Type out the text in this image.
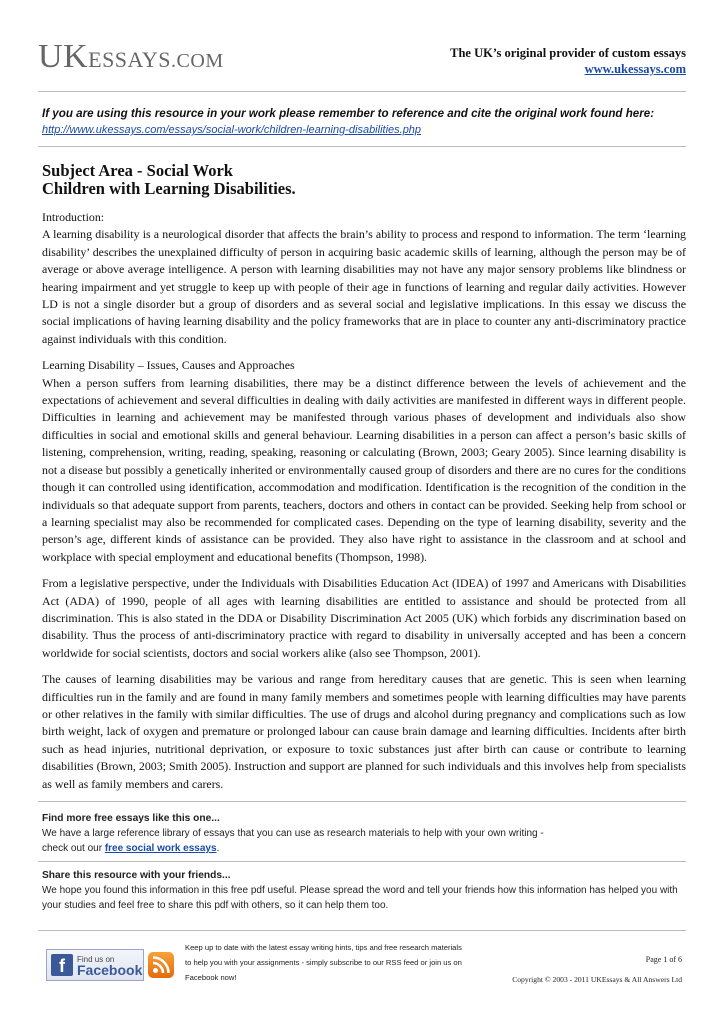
UKESSAYS.COM	The UK’s original provider of custom essays
www.ukessays.com
If you are using this resource in your work please remember to reference and cite the original work found here:
http://www.ukessays.com/essays/social-work/children-learning-disabilities.php
Subject Area - Social Work
Children with Learning Disabilities.

Introduction:
A learning disability is a neurological disorder that affects the brain’s ability to process and respond to information. The term ‘learning disability’ describes the unexplained difficulty of person in acquiring basic academic skills of learning, although the person may be of average or above average intelligence. A person with learning disabilities may not have any major sensory problems like blindness or hearing impairment and yet struggle to keep up with people of their age in functions of learning and regular daily activities. However LD is not a single disorder but a group of disorders and as several social and legislative implications. In this essay we discuss the social implications of having learning disability and the policy frameworks that are in place to counter any anti-discriminatory practice against individuals with this condition.

Learning Disability – Issues, Causes and Approaches
When a person suffers from learning disabilities, there may be a distinct difference between the levels of achievement and the expectations of achievement and several difficulties in dealing with daily activities are manifested in different ways in different people. Difficulties in learning and achievement may be manifested through various phases of development and individuals also show difficulties in social and emotional skills and general behaviour. Learning disabilities in a person can affect a person’s basic skills of listening, comprehension, writing, reading, speaking, reasoning or calculating (Brown, 2003; Geary 2005). Since learning disability is not a disease but possibly a genetically inherited or environmentally caused group of disorders and there are no cures for the conditions though it can controlled using identification, accommodation and modification. Identification is the recognition of the condition in the individuals so that adequate support from parents, teachers, doctors and others in contact can be provided. Seeking help from school or a learning specialist may also be recommended for complicated cases. Depending on the type of learning disability, severity and the person’s age, different kinds of assistance can be provided. They also have right to assistance in the classroom and at school and workplace with special employment and educational benefits (Thompson, 1998).

From a legislative perspective, under the Individuals with Disabilities Education Act (IDEA) of 1997 and Americans with Disabilities Act (ADA) of 1990, people of all ages with learning disabilities are entitled to assistance and should be protected from all discrimination. This is also stated in the DDA or Disability Discrimination Act 2005 (UK) which forbids any discrimination based on disability. Thus the process of anti-discriminatory practice with regard to disability in universally accepted and has been a concern worldwide for social scientists, doctors and social workers alike (also see Thompson, 2001).

The causes of learning disabilities may be various and range from hereditary causes that are genetic. This is seen when learning difficulties run in the family and are found in many family members and sometimes people with learning difficulties may have parents or other relatives in the family with similar difficulties. The use of drugs and alcohol during pregnancy and complications such as low birth weight, lack of oxygen and premature or prolonged labour can cause brain damage and learning difficulties. Incidents after birth such as head injuries, nutritional deprivation, or exposure to toxic substances just after birth can cause or contribute to learning disabilities (Brown, 2003; Smith 2005). Instruction and support are planned for such individuals and this involves help from specialists as well as family members and carers.

Find more free essays like this one...
We have a large reference library of essays that you can use as research materials to help with your own writing -
check out our free social work essays.
Share this resource with your friends...
We hope you found this information in this free pdf useful. Please spread the word and tell your friends how this information has helped you with your studies and feel free to share this pdf with others, so it can help them too.
f	Find us on
Facebook
Keep up to date with the latest essay writing hints, tips and free research materials
to help you with your assignments - simply subscribe to our RSS feed or join us on
Facebook now!
Page 1 of 6
Copyright © 2003 - 2011 UKEssays & All Answers Ltd
